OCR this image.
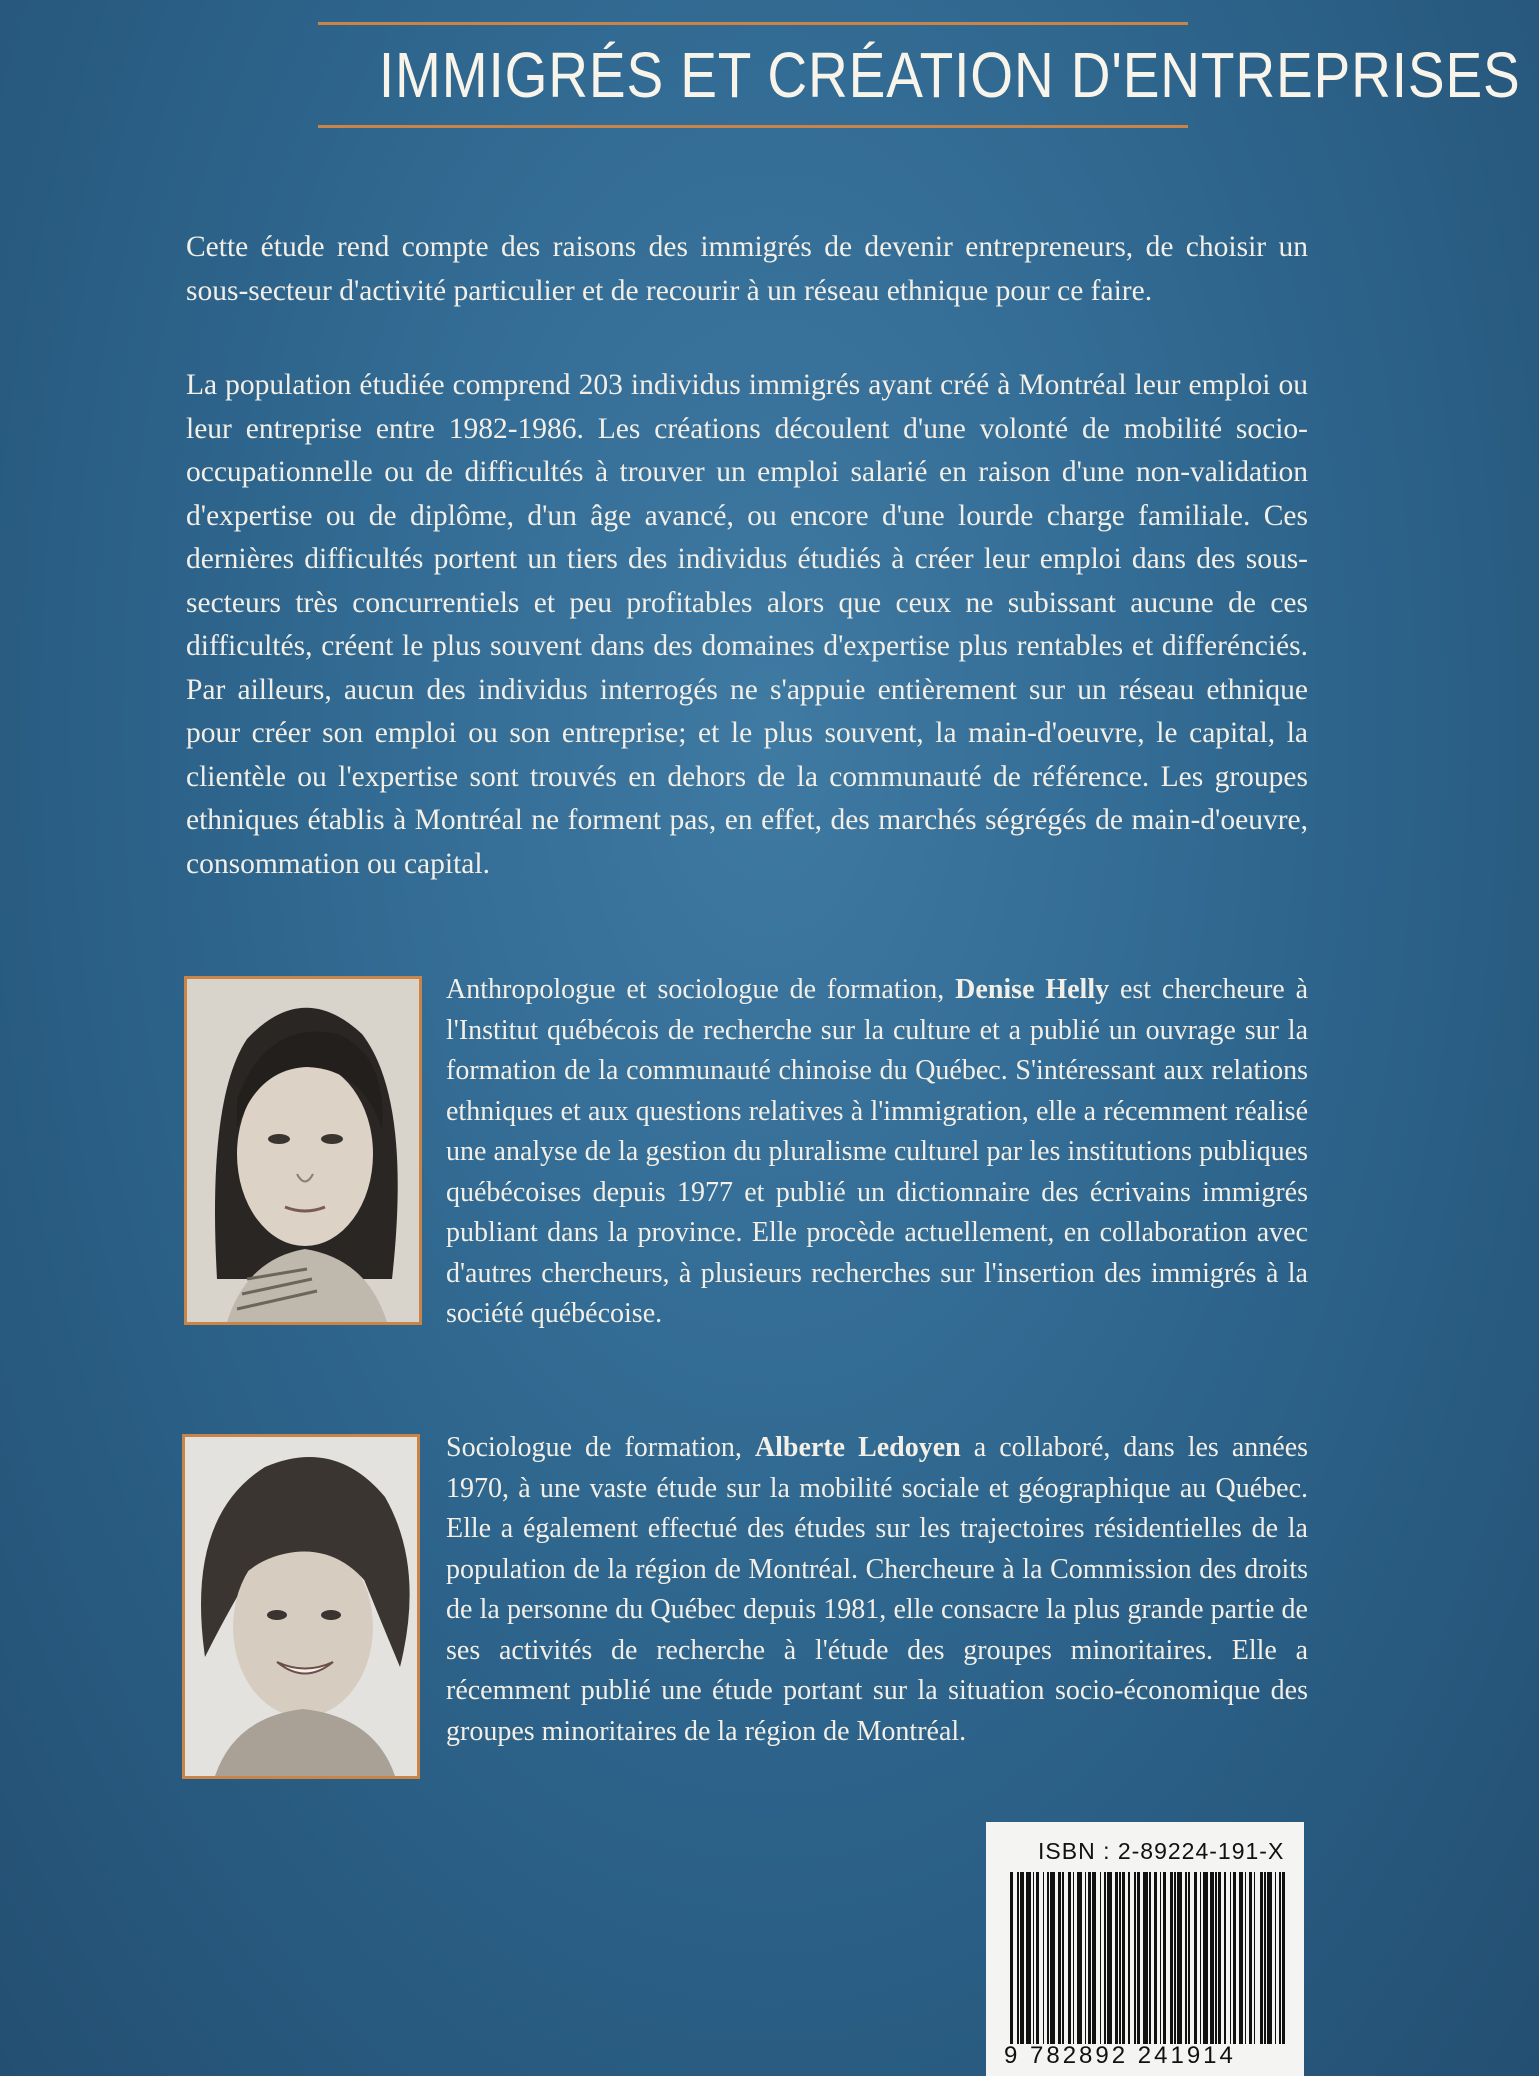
IMMIGRÉS ET CRÉATION D'ENTREPRISES

Cette étude rend compte des raisons des immigrés de devenir entrepreneurs, de choisir un sous-secteur d'activité particulier et de recourir à un réseau ethnique pour ce faire.

La population étudiée comprend 203 individus immigrés ayant créé à Montréal leur emploi ou leur entreprise entre 1982-1986. Les créations découlent d'une volonté de mobilité socio-occupationnelle ou de difficultés à trouver un emploi salarié en raison d'une non-validation d'expertise ou de diplôme, d'un âge avancé, ou encore d'une lourde charge familiale. Ces dernières difficultés portent un tiers des individus étudiés à créer leur emploi dans des sous-secteurs très concurrentiels et peu profitables alors que ceux ne subissant aucune de ces difficultés, créent le plus souvent dans des domaines d'expertise plus rentables et differénciés. Par ailleurs, aucun des individus interrogés ne s'appuie entièrement sur un réseau ethnique pour créer son emploi ou son entreprise; et le plus souvent, la main-d'oeuvre, le capital, la clientèle ou l'expertise sont trouvés en dehors de la communauté de référence. Les groupes ethniques établis à Montréal ne forment pas, en effet, des marchés ségrégés de main-d'oeuvre, consommation ou capital.

Anthropologue et sociologue de formation, Denise Helly est chercheure à l'Institut québécois de recherche sur la culture et a publié un ouvrage sur la formation de la communauté chinoise du Québec. S'intéressant aux relations ethniques et aux questions relatives à l'immigration, elle a récemment réalisé une analyse de la gestion du pluralisme culturel par les institutions publiques québécoises depuis 1977 et publié un dictionnaire des écrivains immigrés publiant dans la province. Elle procède actuellement, en collaboration avec d'autres chercheurs, à plusieurs recherches sur l'insertion des immigrés à la société québécoise.

Sociologue de formation, Alberte Ledoyen a collaboré, dans les années 1970, à une vaste étude sur la mobilité sociale et géographique au Québec. Elle a également effectué des études sur les trajectoires résidentielles de la population de la région de Montréal. Chercheure à la Commission des droits de la personne du Québec depuis 1981, elle consacre la plus grande partie de ses activités de recherche à l'étude des groupes minoritaires. Elle a récemment publié une étude portant sur la situation socio-économique des groupes minoritaires de la région de Montréal.

ISBN : 2-89224-191-X
9 782892 241914
